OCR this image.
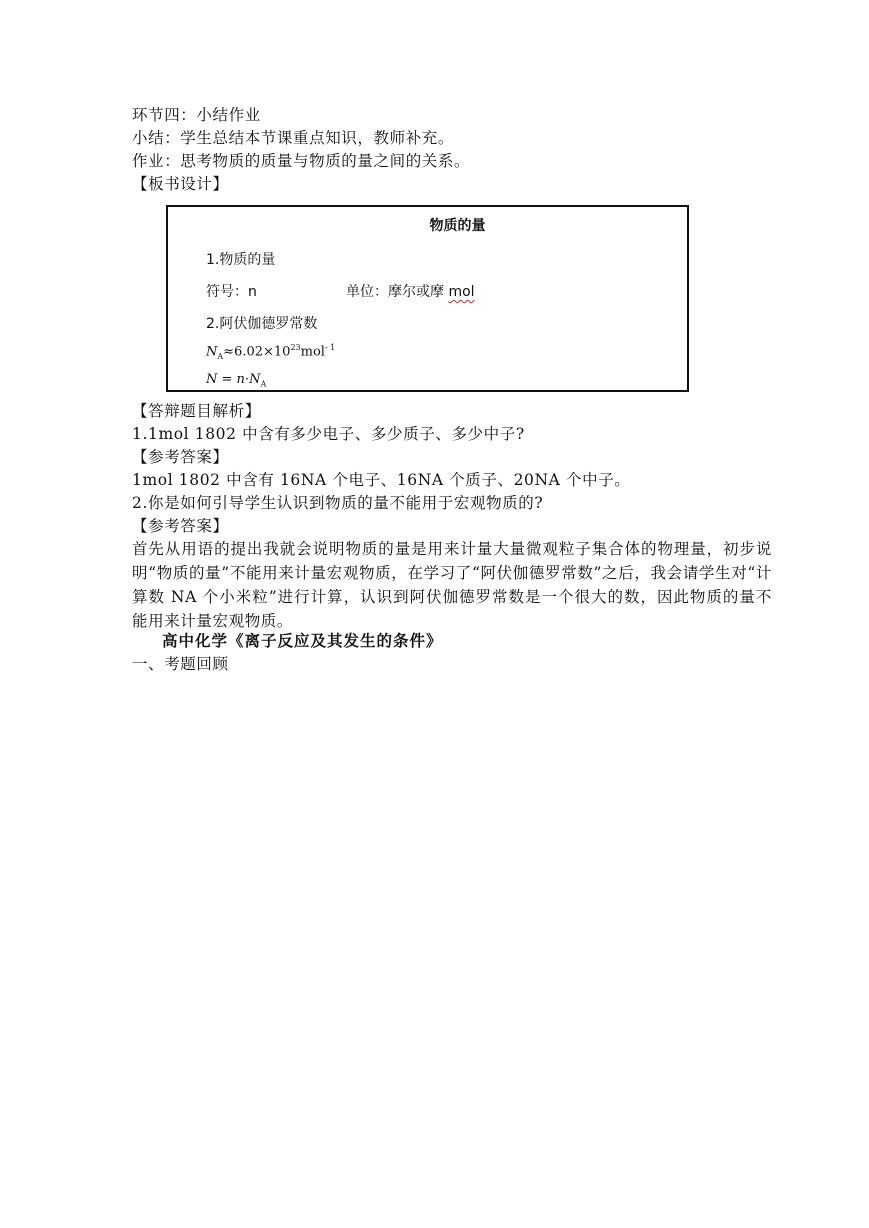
环节四：小结作业
小结：学生总结本节课重点知识，教师补充。
作业：思考物质的质量与物质的量之间的关系。
【板书设计】
物质的量
1.物质的量
符号：n	单位：摩尔或摩 mol
2.阿伏伽德罗常数
$N_A\approx 6.02\times 10^{23}mol^{- 1}$
$N = n\cdot N_A$
【答辩题目解析】
1.1mol 1802 中含有多少电子、多少质子、多少中子?
【参考答案】
1mol 1802 中含有 16NA 个电子、16NA 个质子、20NA 个中子。
2.你是如何引导学生认识到物质的量不能用于宏观物质的?
【参考答案】
首先从用语的提出我就会说明物质的量是用来计量大量微观粒子集合体的物理量，初步说明“物质的量”不能用来计量宏观物质，在学习了“阿伏伽德罗常数”之后，我会请学生对“计算数 NA 个小米粒”进行计算，认识到阿伏伽德罗常数是一个很大的数，因此物质的量不能用来计量宏观物质。
高中化学《离子反应及其发生的条件》
一、考题回顾
